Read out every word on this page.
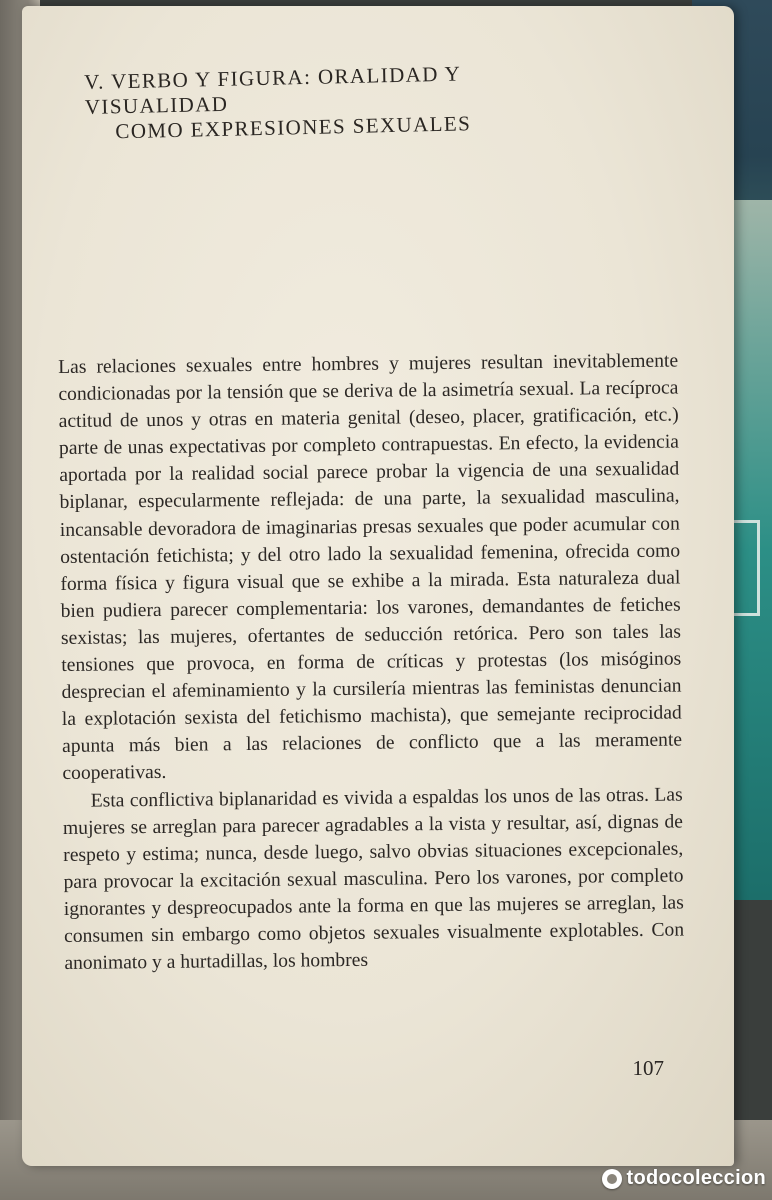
V. VERBO Y FIGURA: ORALIDAD Y VISUALIDAD
COMO EXPRESIONES SEXUALES

Las relaciones sexuales entre hombres y mujeres resultan inevitablemente condicionadas por la tensión que se deriva de la asimetría sexual. La recíproca actitud de unos y otras en materia genital (deseo, placer, gratificación, etc.) parte de unas expectativas por completo contrapuestas. En efecto, la evidencia aportada por la realidad social parece probar la vigencia de una sexualidad biplanar, especularmente reflejada: de una parte, la sexualidad masculina, incansable devoradora de imaginarias presas sexuales que poder acumular con ostentación fetichista; y del otro lado la sexualidad femenina, ofrecida como forma física y figura visual que se exhibe a la mirada. Esta naturaleza dual bien pudiera parecer complementaria: los varones, demandantes de fetiches sexistas; las mujeres, ofertantes de seducción retórica. Pero son tales las tensiones que provoca, en forma de críticas y protestas (los misóginos desprecian el afeminamiento y la cursilería mientras las feministas denuncian la explotación sexista del fetichismo machista), que semejante reciprocidad apunta más bien a las relaciones de conflicto que a las meramente cooperativas.

Esta conflictiva biplanaridad es vivida a espaldas los unos de las otras. Las mujeres se arreglan para parecer agradables a la vista y resultar, así, dignas de respeto y estima; nunca, desde luego, salvo obvias situaciones excepcionales, para provocar la excitación sexual masculina. Pero los varones, por completo ignorantes y despreocupados ante la forma en que las mujeres se arreglan, las consumen sin embargo como objetos sexuales visualmente explotables. Con anonimato y a hurtadillas, los hombres

107
todocoleccion
